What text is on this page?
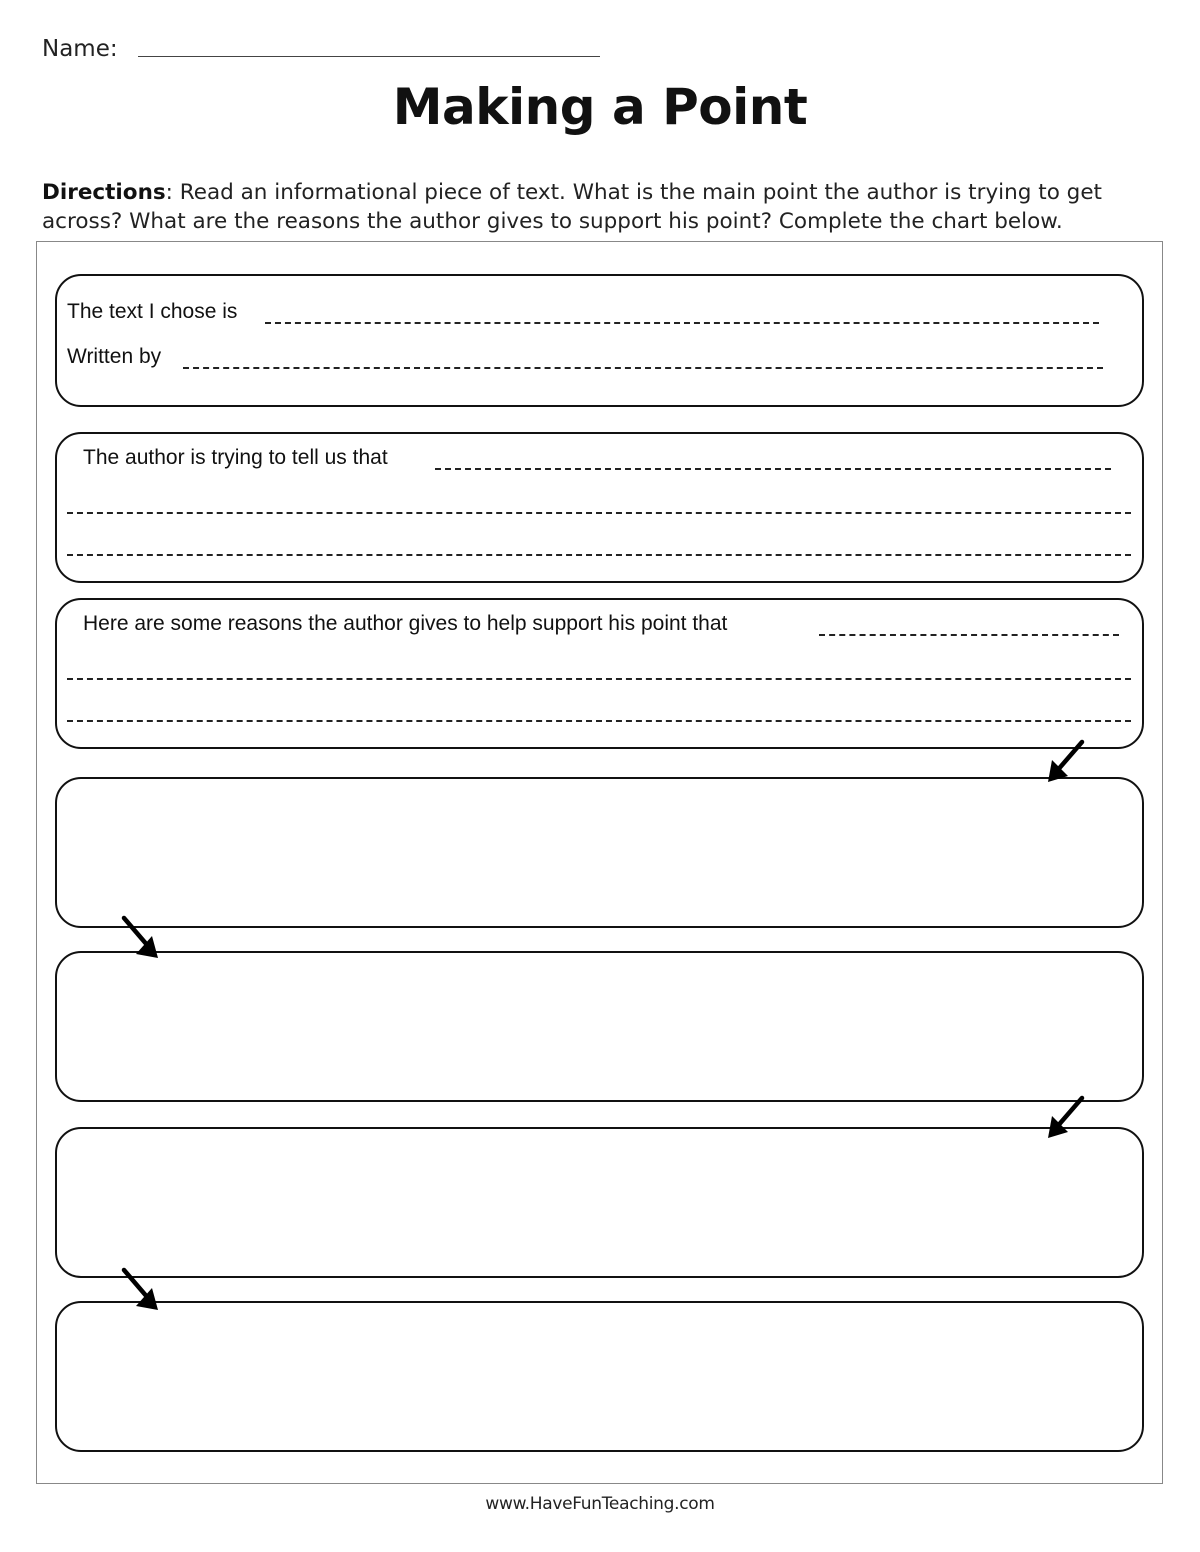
Name:
Making a Point
Directions: Read an informational piece of text. What is the main point the author is trying to get across? What are the reasons the author gives to support his point? Complete the chart below.
The text I chose is
Written by
The author is trying to tell us that
Here are some reasons the author gives to help support his point that
www.HaveFunTeaching.com
